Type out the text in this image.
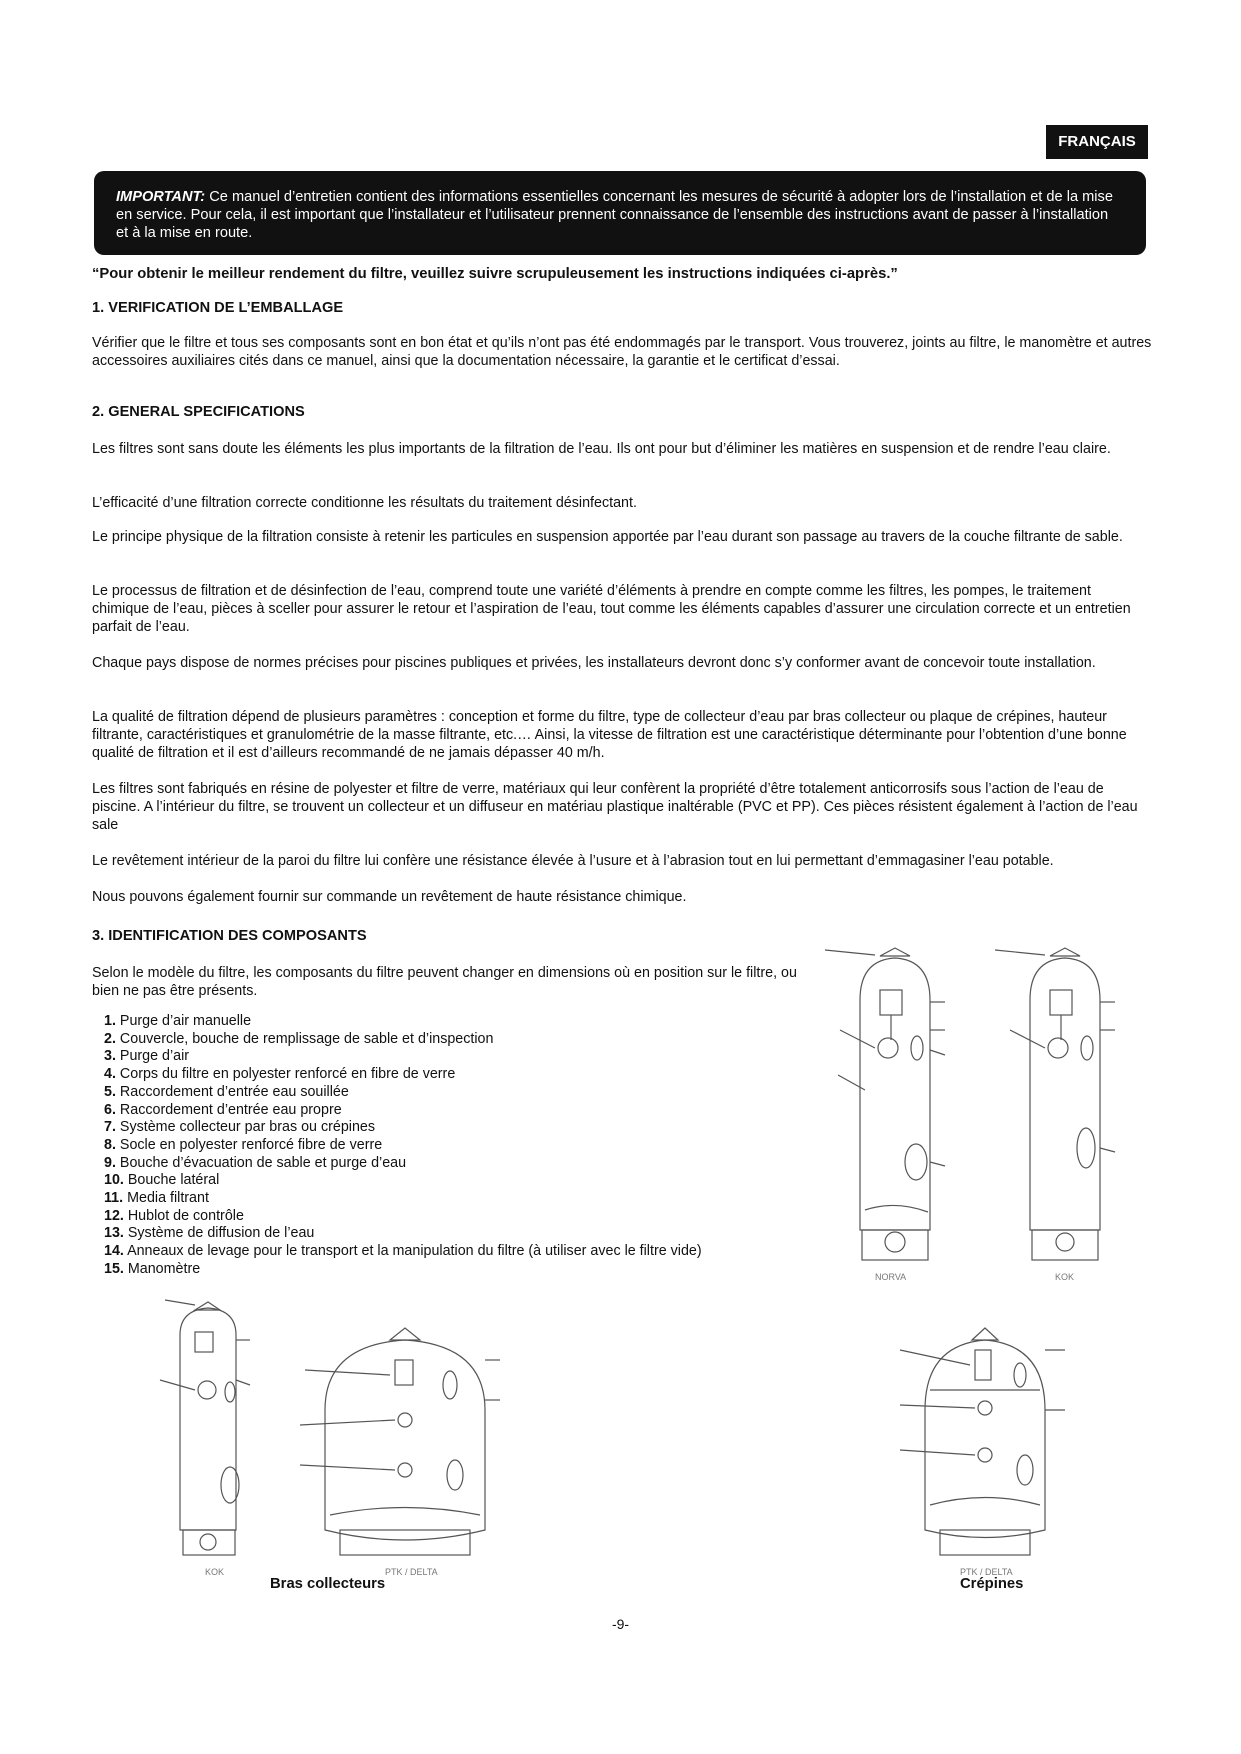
FRANÇAIS
IMPORTANT: Ce manuel d’entretien contient des informations essentielles concernant les mesures de sécurité à adopter lors de l’installation et de la mise en service. Pour cela, il est important que l’installateur et l’utilisateur prennent connaissance de l’ensemble des instructions avant de passer à l’installation et à la mise en route.
“Pour obtenir le meilleur rendement du filtre, veuillez suivre scrupuleusement les instructions indiquées ci-après.”
1. VERIFICATION DE L’EMBALLAGE
Vérifier que le filtre et tous ses composants sont en bon état et qu’ils n’ont pas été endommagés par le transport. Vous trouverez, joints au filtre, le manomètre et autres accessoires auxiliaires cités dans ce manuel, ainsi que la documentation nécessaire, la garantie et le certificat d’essai.
2. GENERAL SPECIFICATIONS
Les filtres sont sans doute les éléments les plus importants de la filtration de l’eau. Ils ont pour but d’éliminer les matières en suspension et de rendre l’eau claire.
L’efficacité d’une filtration correcte conditionne les résultats du traitement désinfectant.
Le principe physique de la filtration consiste à retenir les particules en suspension apportée par l’eau durant son passage au travers de la couche filtrante de sable.
Le processus de filtration et de désinfection de l’eau, comprend toute une variété d’éléments à prendre en compte comme les filtres, les pompes, le traitement chimique de l’eau, pièces à sceller pour assurer le retour et l’aspiration de l’eau, tout comme les éléments capables d’assurer une circulation correcte et un entretien parfait de l’eau.
Chaque pays dispose de normes précises pour piscines publiques et privées, les installateurs devront donc s’y conformer avant de concevoir toute installation.
La qualité de filtration dépend de plusieurs paramètres : conception et forme du filtre, type de collecteur d’eau par bras collecteur ou plaque de crépines, hauteur filtrante, caractéristiques et granulométrie de la masse filtrante, etc.… Ainsi, la vitesse de filtration est une caractéristique déterminante pour l’obtention d’une bonne qualité de filtration et il est d’ailleurs recommandé de ne jamais dépasser 40 m/h.
Les filtres sont fabriqués en résine de polyester et filtre de verre, matériaux qui leur confèrent la propriété d’être totalement anticorrosifs sous l’action de l’eau de piscine. A l’intérieur du filtre, se trouvent un collecteur et un diffuseur en matériau plastique inaltérable (PVC et PP). Ces pièces résistent également à l’action de l’eau sale
Le revêtement intérieur de la paroi du filtre lui confère une résistance élevée à l’usure et à l’abrasion tout en lui permettant d’emmagasiner l’eau potable.
Nous pouvons également fournir sur commande un revêtement de haute résistance chimique.
3. IDENTIFICATION DES COMPOSANTS
Selon le modèle du filtre, les composants du filtre peuvent changer en dimensions où en position sur le filtre, ou bien ne pas être présents.
1. Purge d’air manuelle
2. Couvercle, bouche de remplissage de sable et d’inspection
3. Purge d’air
4. Corps du filtre en polyester renforcé en fibre de verre
5. Raccordement d’entrée eau souillée
6. Raccordement d’entrée eau propre
7. Système collecteur par bras ou crépines
8. Socle en polyester renforcé fibre de verre
9. Bouche d’évacuation de sable et purge d’eau
10. Bouche latéral
11. Media filtrant
12. Hublot de contrôle
13. Système de diffusion de l’eau
14. Anneaux de levage pour le transport et la manipulation du filtre (à utiliser avec le filtre vide)
15. Manomètre
NORVA	KOK
KOK	PTK / DELTA	PTK / DELTA
Bras collecteurs	Crépines
-9-
